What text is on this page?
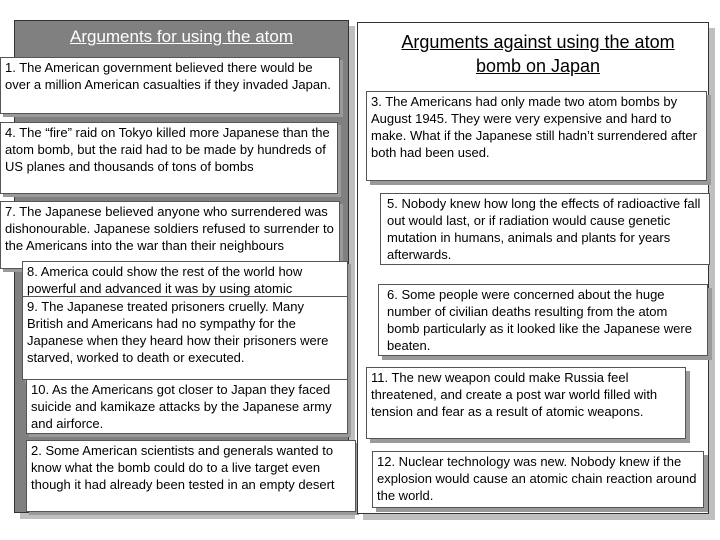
Arguments for using the atom
1. The American government believed there would be over a million American casualties if they invaded Japan.
4. The “fire” raid on Tokyo killed more Japanese than the atom bomb, but the raid had to be made by hundreds of US planes and thousands of tons of bombs
7. The Japanese believed anyone who surrendered was dishonourable. Japanese soldiers refused to surrender to the Americans into the war than their neighbours
8. America could show the rest of the world how powerful and advanced it was by using atomic
9. The Japanese treated prisoners cruelly. Many British and Americans had no sympathy for the Japanese when they heard how their prisoners were starved, worked to death or executed.
10. As the Americans got closer to Japan they faced suicide and kamikaze attacks by the Japanese army and airforce.
2. Some American scientists and generals wanted to know what the bomb could do to a live target even though it had already been tested in an empty desert
Arguments against using the atom bomb on Japan
3. The Americans had only made two atom bombs by August 1945. They were very expensive and hard to make. What if the Japanese still hadn’t surrendered after both had been used.
5. Nobody knew how long the effects of radioactive fall out would last, or if radiation would cause genetic mutation in humans, animals and plants for years afterwards.
6. Some people were concerned about the huge number of civilian deaths resulting from the atom bomb particularly as it looked like the Japanese were beaten.
11. The new weapon could make Russia feel threatened, and create a post war world filled with tension and fear as a result of atomic weapons.
12. Nuclear technology was new. Nobody knew if the explosion would cause an atomic chain reaction around the world.
